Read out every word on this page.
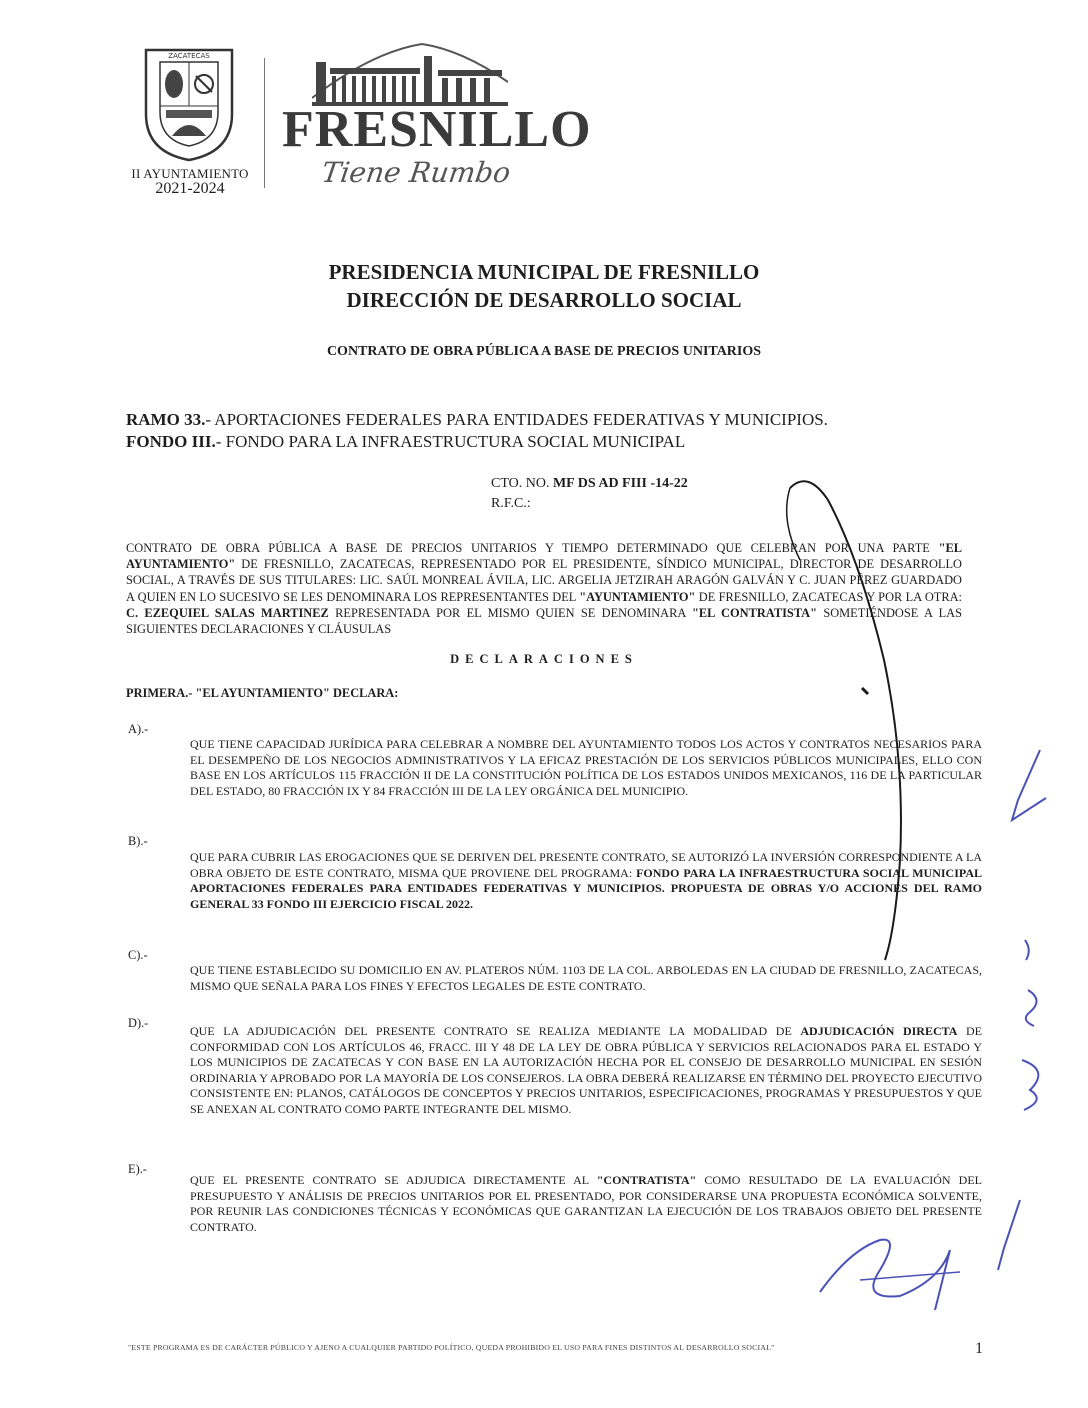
ZACATECAS
II AYUNTAMIENTO
2021-2024
FRESNILLO
Tiene Rumbo
PRESIDENCIA MUNICIPAL DE FRESNILLO
DIRECCIÓN DE DESARROLLO SOCIAL
CONTRATO DE OBRA PÚBLICA A BASE DE PRECIOS UNITARIOS
RAMO 33.- APORTACIONES FEDERALES PARA ENTIDADES FEDERATIVAS Y MUNICIPIOS.
FONDO III.- FONDO PARA LA INFRAESTRUCTURA SOCIAL MUNICIPAL
CTO. NO. MF DS AD FIII -14-22
R.F.C.:
CONTRATO DE OBRA PÚBLICA A BASE DE PRECIOS UNITARIOS Y TIEMPO DETERMINADO QUE CELEBRAN POR UNA PARTE "EL AYUNTAMIENTO" DE FRESNILLO, ZACATECAS, REPRESENTADO POR EL PRESIDENTE, SÍNDICO MUNICIPAL, DIRECTOR DE DESARROLLO SOCIAL, A TRAVÉS DE SUS TITULARES: LIC. SAÚL MONREAL ÁVILA, LIC. ARGELIA JETZIRAH ARAGÓN GALVÁN Y C. JUAN PÉREZ GUARDADO A QUIEN EN LO SUCESIVO SE LES DENOMINARA LOS REPRESENTANTES DEL "AYUNTAMIENTO" DE FRESNILLO, ZACATECAS Y POR LA OTRA: C. EZEQUIEL SALAS MARTINEZ REPRESENTADA POR EL MISMO QUIEN SE DENOMINARA "EL CONTRATISTA" SOMETIÉNDOSE A LAS SIGUIENTES DECLARACIONES Y CLÁUSULAS
DECLARACIONES
PRIMERA.- "EL AYUNTAMIENTO" DECLARA:
A).-
QUE TIENE CAPACIDAD JURÍDICA PARA CELEBRAR A NOMBRE DEL AYUNTAMIENTO TODOS LOS ACTOS Y CONTRATOS NECESARIOS PARA EL DESEMPEÑO DE LOS NEGOCIOS ADMINISTRATIVOS Y LA EFICAZ PRESTACIÓN DE LOS SERVICIOS PÚBLICOS MUNICIPALES, ELLO CON BASE EN LOS ARTÍCULOS 115 FRACCIÓN II DE LA CONSTITUCIÓN POLÍTICA DE LOS ESTADOS UNIDOS MEXICANOS, 116 DE LA PARTICULAR DEL ESTADO, 80 FRACCIÓN IX Y 84 FRACCIÓN III DE LA LEY ORGÁNICA DEL MUNICIPIO.
B).-
QUE PARA CUBRIR LAS EROGACIONES QUE SE DERIVEN DEL PRESENTE CONTRATO, SE AUTORIZÓ LA INVERSIÓN CORRESPONDIENTE A LA OBRA OBJETO DE ESTE CONTRATO, MISMA QUE PROVIENE DEL PROGRAMA: FONDO PARA LA INFRAESTRUCTURA SOCIAL MUNICIPAL APORTACIONES FEDERALES PARA ENTIDADES FEDERATIVAS Y MUNICIPIOS. PROPUESTA DE OBRAS Y/O ACCIONES DEL RAMO GENERAL 33 FONDO III EJERCICIO FISCAL 2022.
C).-
QUE TIENE ESTABLECIDO SU DOMICILIO EN AV. PLATEROS NÚM. 1103 DE LA COL. ARBOLEDAS EN LA CIUDAD DE FRESNILLO, ZACATECAS, MISMO QUE SEÑALA PARA LOS FINES Y EFECTOS LEGALES DE ESTE CONTRATO.
D).-
QUE LA ADJUDICACIÓN DEL PRESENTE CONTRATO SE REALIZA MEDIANTE LA MODALIDAD DE ADJUDICACIÓN DIRECTA DE CONFORMIDAD CON LOS ARTÍCULOS 46, FRACC. III Y 48 DE LA LEY DE OBRA PÚBLICA Y SERVICIOS RELACIONADOS PARA EL ESTADO Y LOS MUNICIPIOS DE ZACATECAS Y CON BASE EN LA AUTORIZACIÓN HECHA POR EL CONSEJO DE DESARROLLO MUNICIPAL EN SESIÓN ORDINARIA Y APROBADO POR LA MAYORÍA DE LOS CONSEJEROS. LA OBRA DEBERÁ REALIZARSE EN TÉRMINO DEL PROYECTO EJECUTIVO CONSISTENTE EN: PLANOS, CATÁLOGOS DE CONCEPTOS Y PRECIOS UNITARIOS, ESPECIFICACIONES, PROGRAMAS Y PRESUPUESTOS Y QUE SE ANEXAN AL CONTRATO COMO PARTE INTEGRANTE DEL MISMO.
E).-
QUE EL PRESENTE CONTRATO SE ADJUDICA DIRECTAMENTE AL "CONTRATISTA" COMO RESULTADO DE LA EVALUACIÓN DEL PRESUPUESTO Y ANÁLISIS DE PRECIOS UNITARIOS POR EL PRESENTADO, POR CONSIDERARSE UNA PROPUESTA ECONÓMICA SOLVENTE, POR REUNIR LAS CONDICIONES TÉCNICAS Y ECONÓMICAS QUE GARANTIZAN LA EJECUCIÓN DE LOS TRABAJOS OBJETO DEL PRESENTE CONTRATO.
"ESTE PROGRAMA ES DE CARÁCTER PÚBLICO Y AJENO A CUALQUIER PARTIDO POLÍTICO, QUEDA PROHIBIDO EL USO PARA FINES DISTINTOS AL DESARROLLO SOCIAL"	1
